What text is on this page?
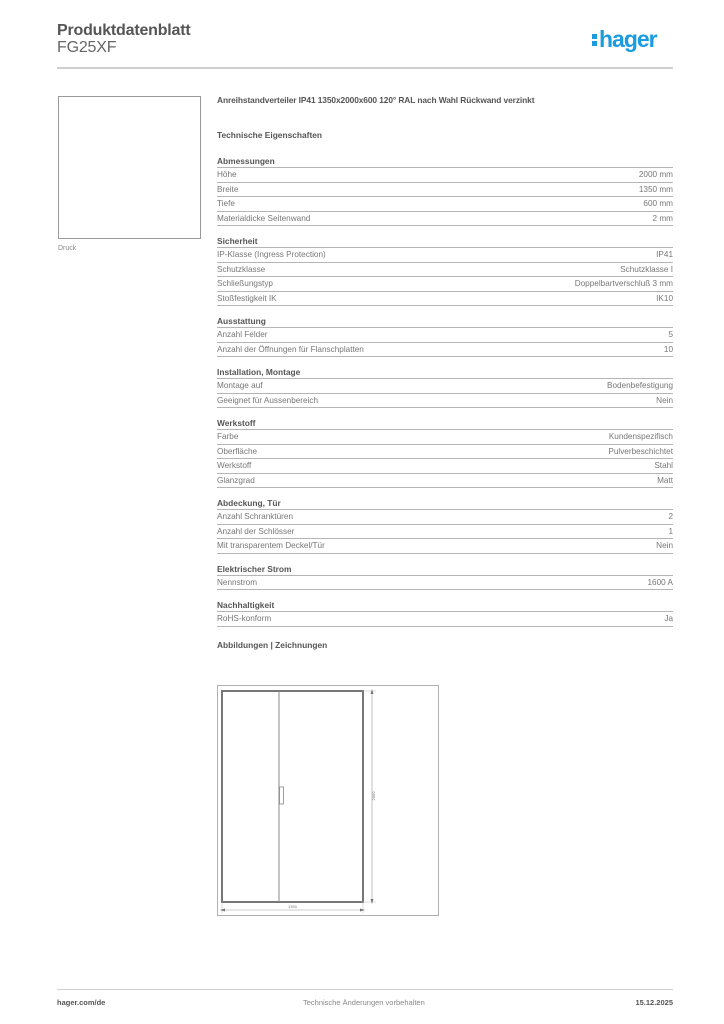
Produktdatenblatt
FG25XF	hager
Druck
Anreihstandverteiler IP41 1350x2000x600 120° RAL nach Wahl Rückwand verzinkt
Technische Eigenschaften
Abmessungen
Höhe	2000 mm
Breite	1350 mm
Tiefe	600 mm
Materialdicke Seitenwand	2 mm
Sicherheit
IP-Klasse (Ingress Protection)	IP41
Schutzklasse	Schutzklasse I
Schließungstyp	Doppelbartverschluß 3 mm
Stoßfestigkeit IK	IK10
Ausstattung
Anzahl Felder	5
Anzahl der Öffnungen für Flanschplatten	10
Installation, Montage
Montage auf	Bodenbefestigung
Geeignet für Aussenbereich	Nein
Werkstoff
Farbe	Kundenspezifisch
Oberfläche	Pulverbeschichtet
Werkstoff	Stahl
Glanzgrad	Matt
Abdeckung, Tür
Anzahl Schranktüren	2
Anzahl der Schlösser	1
Mit transparentem Deckel/Tür	Nein
Elektrischer Strom
Nennstrom	1600 A
Nachhaltigkeit
RoHS-konform	Ja
Abbildungen | Zeichnungen
2000
1350
hager.com/de	Technische Änderungen vorbehalten	15.12.2025
